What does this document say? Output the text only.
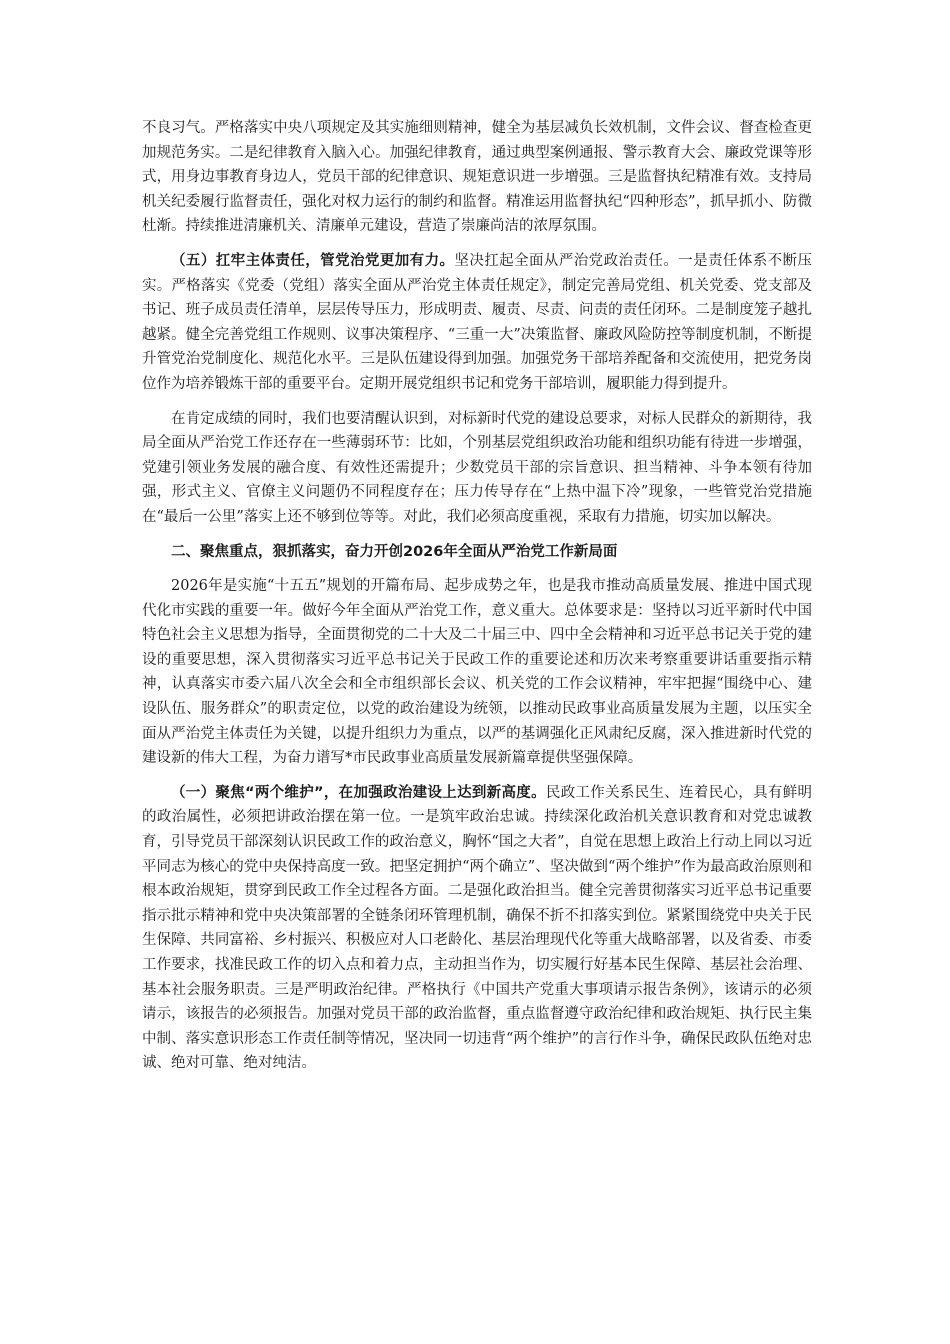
不良习气。严格落实中央八项规定及其实施细则精神，健全为基层减负长效机制，文件会议、督查检查更加规范务实。二是纪律教育入脑入心。加强纪律教育，通过典型案例通报、警示教育大会、廉政党课等形式，用身边事教育身边人，党员干部的纪律意识、规矩意识进一步增强。三是监督执纪精准有效。支持局机关纪委履行监督责任，强化对权力运行的制约和监督。精准运用监督执纪“四种形态”，抓早抓小、防微杜渐。持续推进清廉机关、清廉单元建设，营造了崇廉尚洁的浓厚氛围。

（五）扛牢主体责任，管党治党更加有力。坚决扛起全面从严治党政治责任。一是责任体系不断压实。严格落实《党委（党组）落实全面从严治党主体责任规定》，制定完善局党组、机关党委、党支部及书记、班子成员责任清单，层层传导压力，形成明责、履责、尽责、问责的责任闭环。二是制度笼子越扎越紧。健全完善党组工作规则、议事决策程序、“三重一大”决策监督、廉政风险防控等制度机制，不断提升管党治党制度化、规范化水平。三是队伍建设得到加强。加强党务干部培养配备和交流使用，把党务岗位作为培养锻炼干部的重要平台。定期开展党组织书记和党务干部培训，履职能力得到提升。

在肯定成绩的同时，我们也要清醒认识到，对标新时代党的建设总要求，对标人民群众的新期待，我局全面从严治党工作还存在一些薄弱环节：比如，个别基层党组织政治功能和组织功能有待进一步增强，党建引领业务发展的融合度、有效性还需提升；少数党员干部的宗旨意识、担当精神、斗争本领有待加强，形式主义、官僚主义问题仍不同程度存在；压力传导存在“上热中温下冷”现象，一些管党治党措施在“最后一公里”落实上还不够到位等等。对此，我们必须高度重视，采取有力措施，切实加以解决。

二、聚焦重点，狠抓落实，奋力开创2026年全面从严治党工作新局面

2026年是实施“十五五”规划的开篇布局、起步成势之年，也是我市推动高质量发展、推进中国式现代化市实践的重要一年。做好今年全面从严治党工作，意义重大。总体要求是：坚持以习近平新时代中国特色社会主义思想为指导，全面贯彻党的二十大及二十届三中、四中全会精神和习近平总书记关于党的建设的重要思想，深入贯彻落实习近平总书记关于民政工作的重要论述和历次来考察重要讲话重要指示精神，认真落实市委六届八次全会和全市组织部长会议、机关党的工作会议精神，牢牢把握“围绕中心、建设队伍、服务群众”的职责定位，以党的政治建设为统领，以推动民政事业高质量发展为主题，以压实全面从严治党主体责任为关键，以提升组织力为重点，以严的基调强化正风肃纪反腐，深入推进新时代党的建设新的伟大工程，为奋力谱写*市民政事业高质量发展新篇章提供坚强保障。

（一）聚焦“两个维护”，在加强政治建设上达到新高度。民政工作关系民生、连着民心，具有鲜明的政治属性，必须把讲政治摆在第一位。一是筑牢政治忠诚。持续深化政治机关意识教育和对党忠诚教育，引导党员干部深刻认识民政工作的政治意义，胸怀“国之大者”，自觉在思想上政治上行动上同以习近平同志为核心的党中央保持高度一致。把坚定拥护“两个确立”、坚决做到“两个维护”作为最高政治原则和根本政治规矩，贯穿到民政工作全过程各方面。二是强化政治担当。健全完善贯彻落实习近平总书记重要指示批示精神和党中央决策部署的全链条闭环管理机制，确保不折不扣落实到位。紧紧围绕党中央关于民生保障、共同富裕、乡村振兴、积极应对人口老龄化、基层治理现代化等重大战略部署，以及省委、市委工作要求，找准民政工作的切入点和着力点，主动担当作为，切实履行好基本民生保障、基层社会治理、基本社会服务职责。三是严明政治纪律。严格执行《中国共产党重大事项请示报告条例》，该请示的必须请示，该报告的必须报告。加强对党员干部的政治监督，重点监督遵守政治纪律和政治规矩、执行民主集中制、落实意识形态工作责任制等情况，坚决同一切违背“两个维护”的言行作斗争，确保民政队伍绝对忠诚、绝对可靠、绝对纯洁。
